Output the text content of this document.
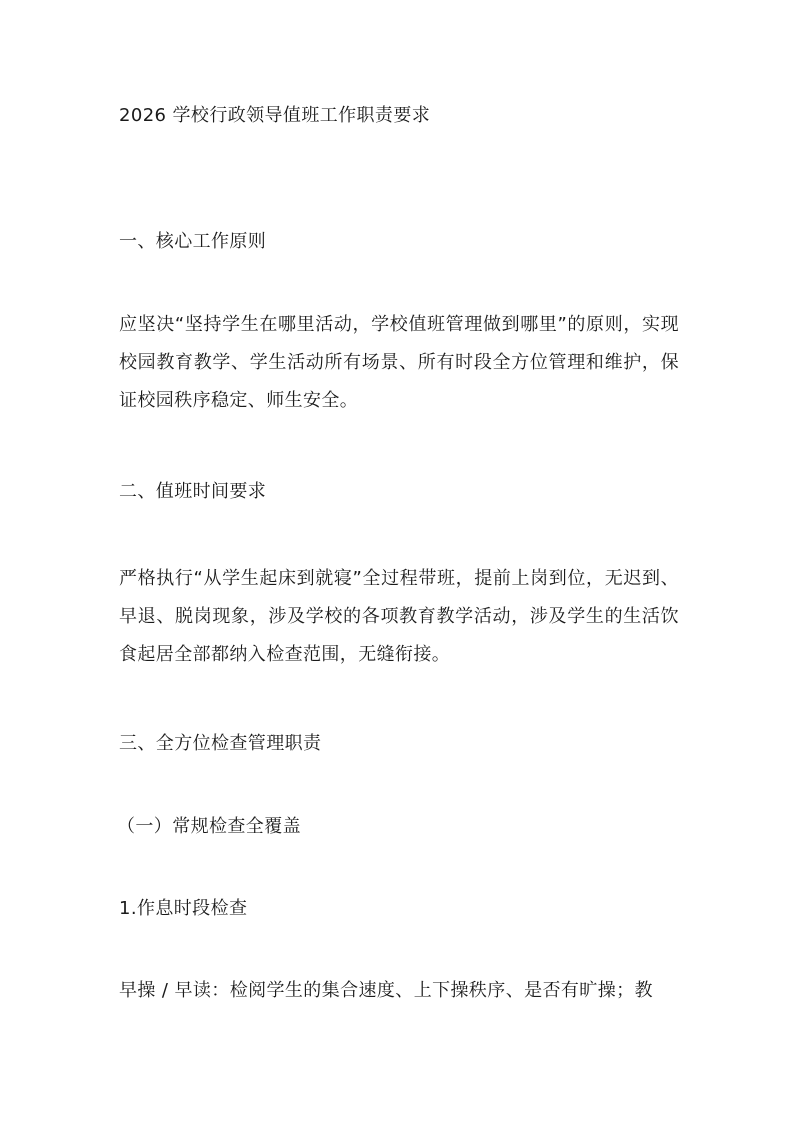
2026 学校行政领导值班工作职责要求

一、核心工作原则

应坚决“坚持学生在哪里活动，学校值班管理做到哪里”的原则，实现校园教育教学、学生活动所有场景、所有时段全方位管理和维护，保证校园秩序稳定、师生安全。

二、值班时间要求

严格执行“从学生起床到就寝”全过程带班，提前上岗到位，无迟到、早退、脱岗现象，涉及学校的各项教育教学活动，涉及学生的生活饮食起居全部都纳入检查范围，无缝衔接。

三、全方位检查管理职责

（一）常规检查全覆盖

1.作息时段检查

早操 / 早读：检阅学生的集合速度、上下操秩序、是否有旷操；教
